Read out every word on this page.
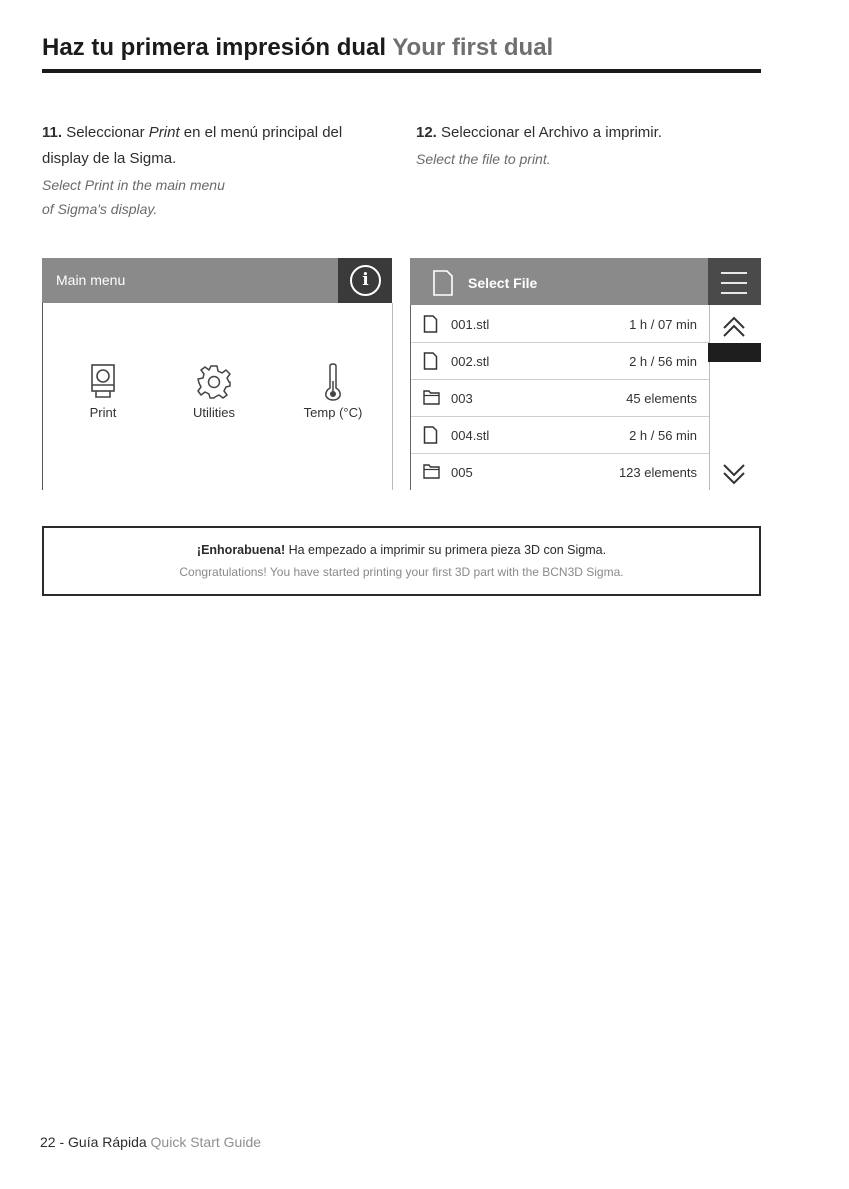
Haz tu primera impresión dual Your first dual
11. Seleccionar Print en el menú principal del display de la Sigma.
Select Print in the main menu
of Sigma's display.
12. Seleccionar el Archivo a imprimir.
Select the file to print.
Main menu	i
Print	Utilities	Temp (°C)
Select File
001.stl	1 h / 07 min
002.stl	2 h / 56 min
003	45 elements
004.stl	2 h / 56 min
005	123 elements
¡Enhorabuena! Ha empezado a imprimir su primera pieza 3D con Sigma.
Congratulations! You have started printing your first 3D part with the BCN3D Sigma.
22 - Guía Rápida Quick Start Guide
